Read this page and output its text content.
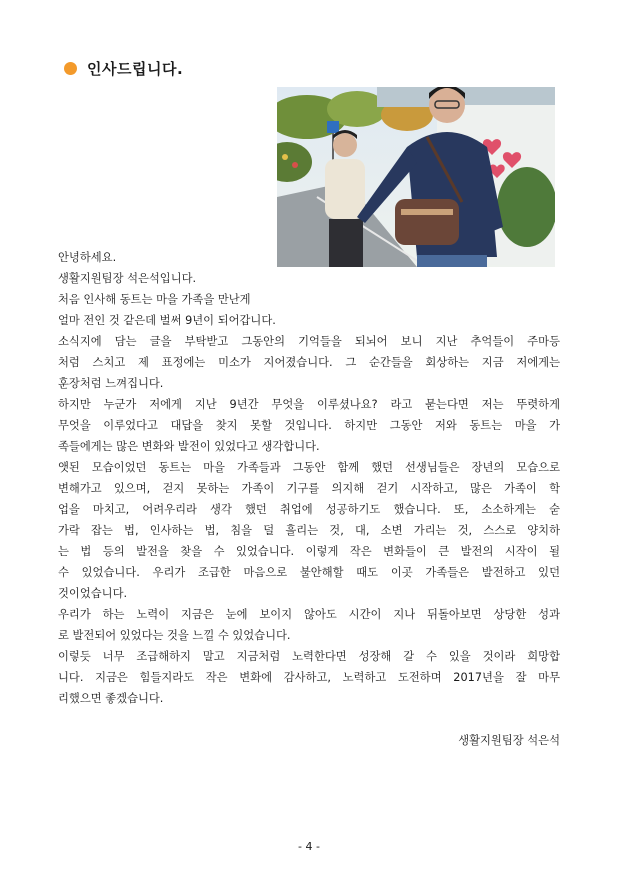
인사드립니다.

안녕하세요.

생활지원팀장 석은석입니다.

처음 인사해 동트는 마을 가족을 만난게

얼마 전인 것 같은데 벌써 9년이 되어갑니다.

소식지에 담는 글을 부탁받고 그동안의 기억들을 되뇌어 보니 지난 추억들이 주마등

처럼 스치고 제 표정에는 미소가 지어졌습니다. 그 순간들을 회상하는 지금 저에게는

훈장처럼 느껴집니다.

하지만 누군가 저에게 지난 9년간 무엇을 이루셨나요? 라고 묻는다면 저는 뚜렷하게

무엇을 이루었다고 대답을 찾지 못할 것입니다. 하지만 그동안 저와 동트는 마을 가

족들에게는 많은 변화와 발전이 있었다고 생각합니다.

앳된 모습이었던 동트는 마을 가족들과 그동안 함께 했던 선생님들은 장년의 모습으로

변해가고 있으며, 걷지 못하는 가족이 기구를 의지해 걷기 시작하고, 많은 가족이 학

업을 마치고, 어려우리라 생각 했던 취업에 성공하기도 했습니다. 또, 소소하게는 숟

가락 잡는 법, 인사하는 법, 침을 덜 흘리는 것, 대, 소변 가리는 것, 스스로 양치하

는 법 등의 발전을 찾을 수 있었습니다. 이렇게 작은 변화들이 큰 발전의 시작이 될

수 있었습니다. 우리가 조급한 마음으로 불안해할 때도 이곳 가족들은 발전하고 있던

것이었습니다.

우리가 하는 노력이 지금은 눈에 보이지 않아도 시간이 지나 뒤돌아보면 상당한 성과

로 발전되어 있었다는 것을 느낄 수 있었습니다.

이렇듯 너무 조급해하지 말고 지금처럼 노력한다면 성장해 갈 수 있을 것이라 희망합

니다. 지금은 힘들지라도 작은 변화에 감사하고, 노력하고 도전하며 2017년을 잘 마무

리했으면 좋겠습니다.

생활지원팀장 석은석
- 4 -
